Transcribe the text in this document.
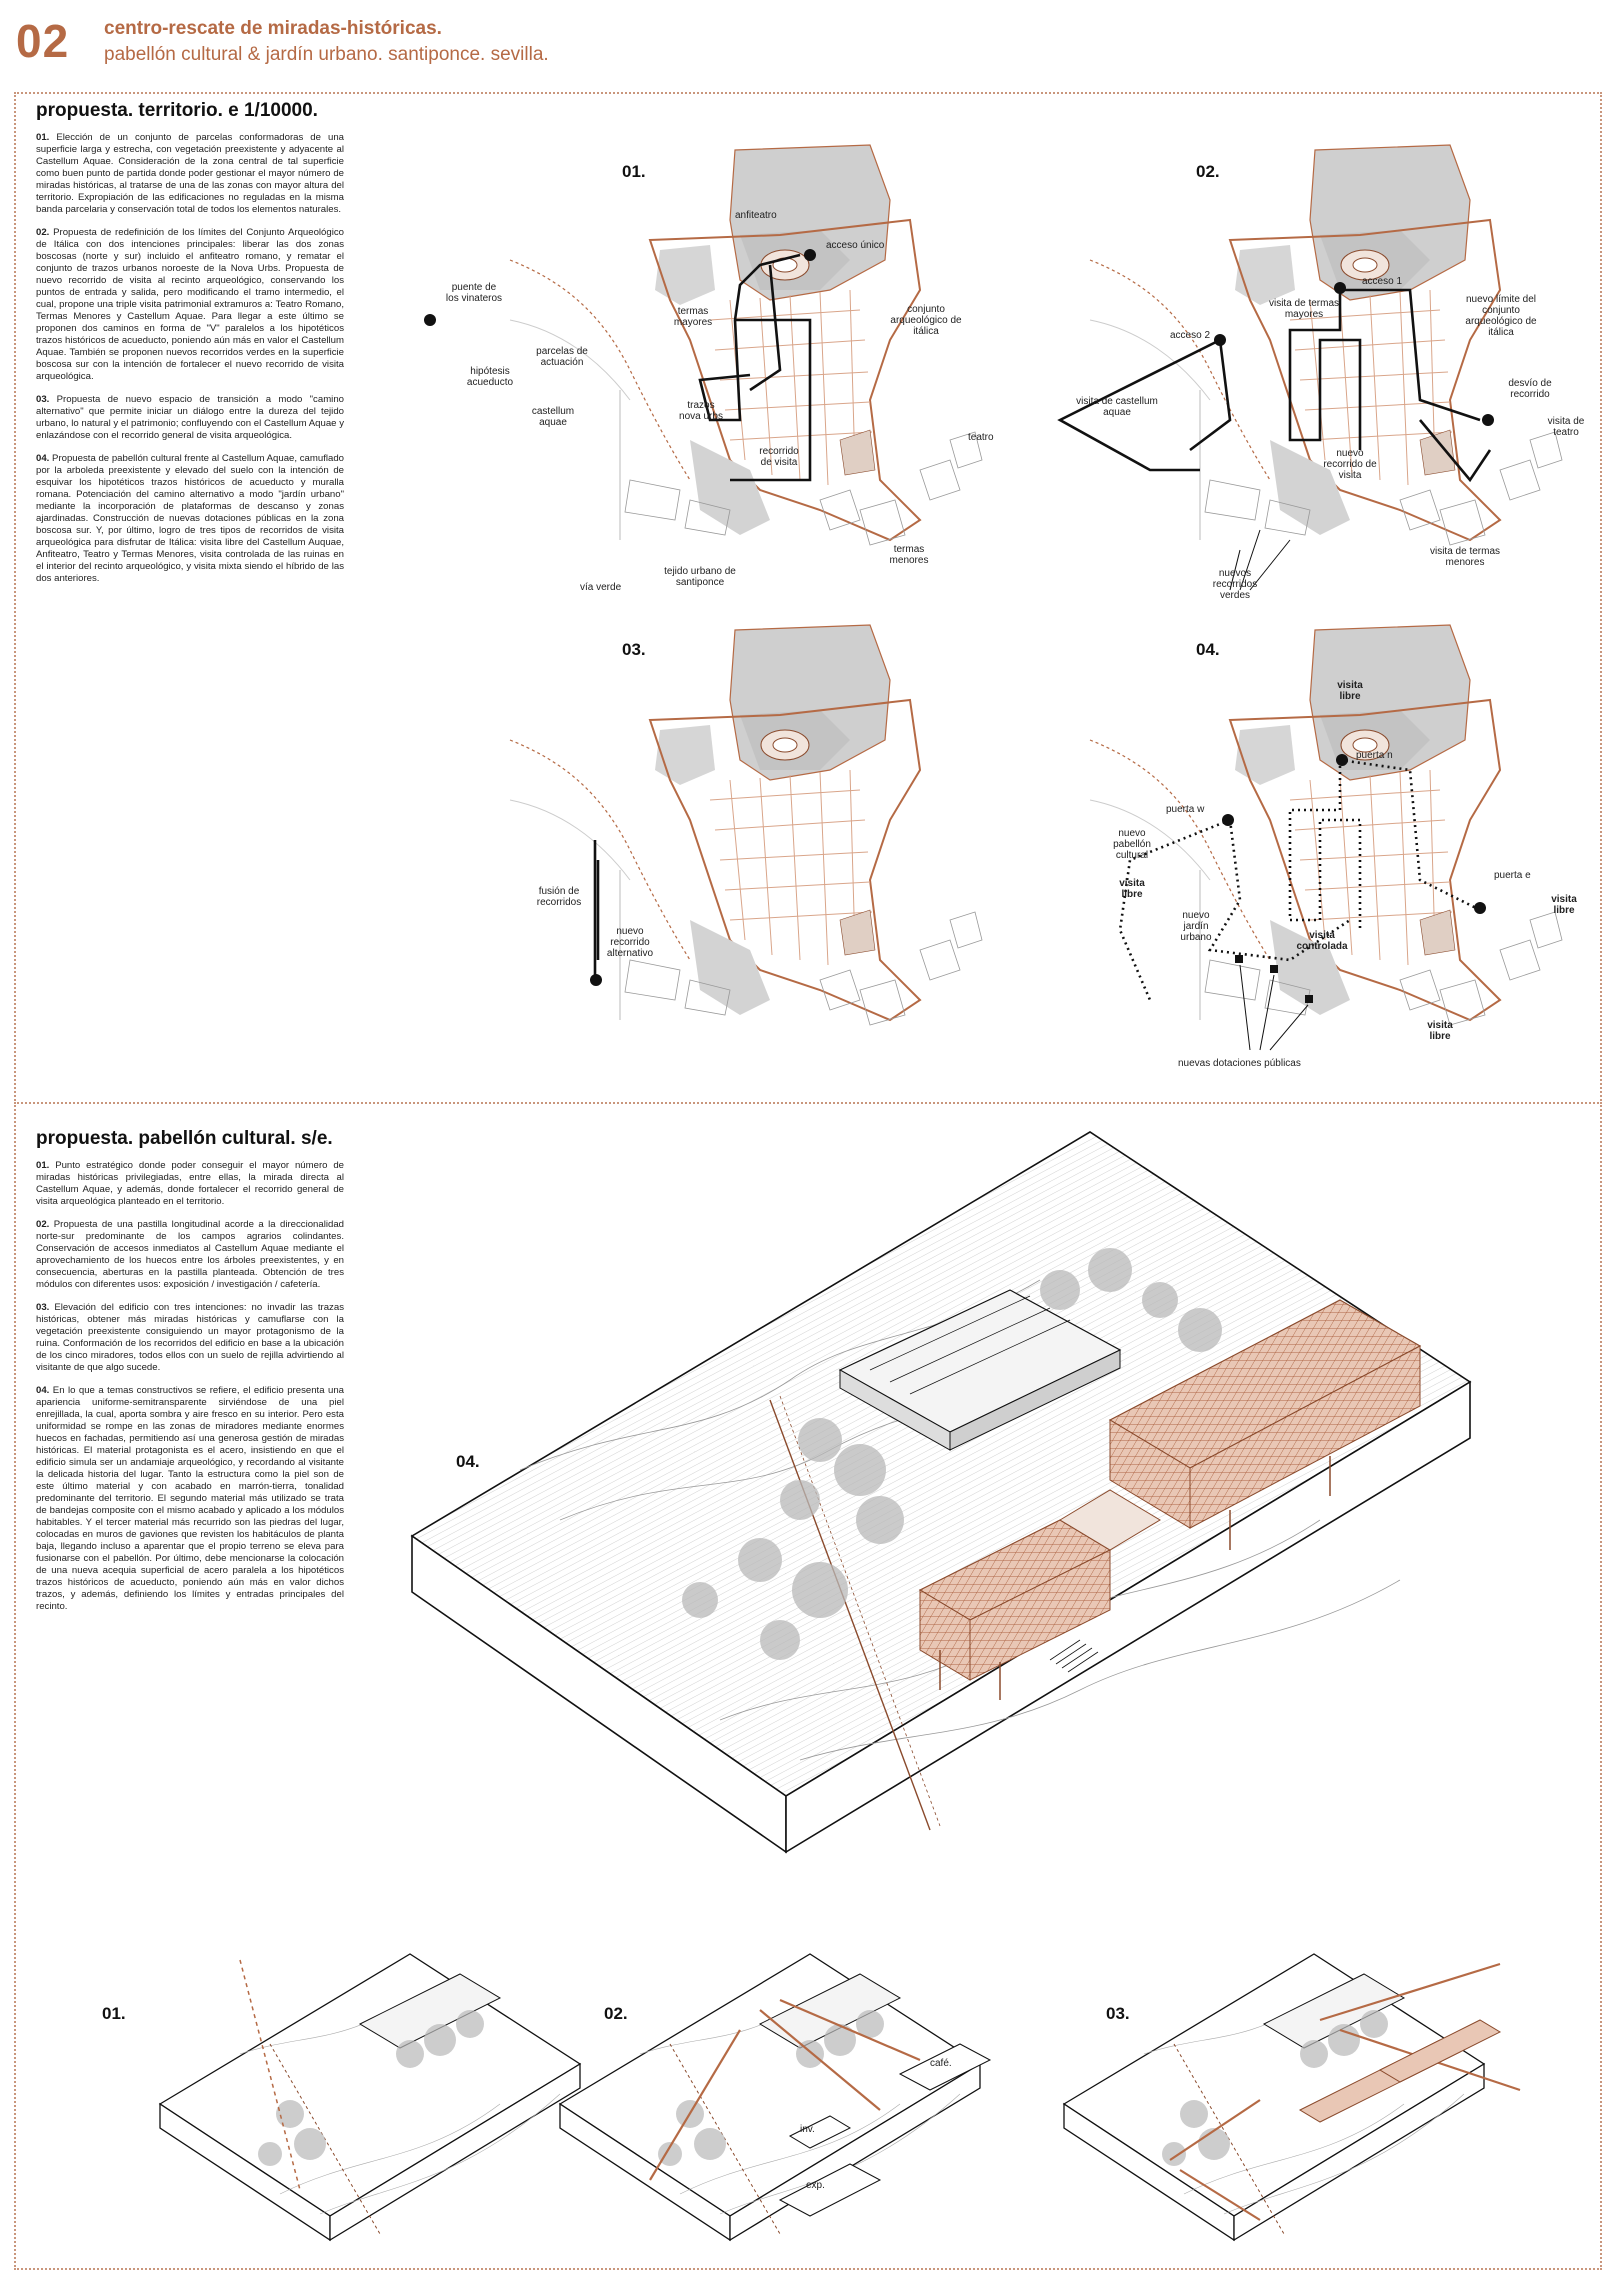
02 centro-rescate de miradas-históricas.
pabellón cultural & jardín urbano. santiponce. sevilla.
propuesta. territorio. e 1/10000.

01. Elección de un conjunto de parcelas conformadoras de una superficie larga y estrecha, con vegetación preexistente y adyacente al Castellum Aquae. Consideración de la zona central de tal superficie como buen punto de partida donde poder gestionar el mayor número de miradas históricas, al tratarse de una de las zonas con mayor altura del territorio. Expropiación de las edificaciones no reguladas en la misma banda parcelaria y conservación total de todos los elementos naturales.

02. Propuesta de redefinición de los límites del Conjunto Arqueológico de Itálica con dos intenciones principales: liberar las dos zonas boscosas (norte y sur) incluido el anfiteatro romano, y rematar el conjunto de trazos urbanos noroeste de la Nova Urbs. Propuesta de nuevo recorrido de visita al recinto arqueológico, conservando los puntos de entrada y salida, pero modificando el tramo intermedio, el cual, propone una triple visita patrimonial extramuros a: Teatro Romano, Termas Menores y Castellum Aquae. Para llegar a este último se proponen dos caminos en forma de "V" paralelos a los hipotéticos trazos históricos de acueducto, poniendo aún más en valor el Castellum Aquae. También se proponen nuevos recorridos verdes en la superficie boscosa sur con la intención de fortalecer el nuevo recorrido de visita arqueológica.

03. Propuesta de nuevo espacio de transición a modo "camino alternativo" que permite iniciar un diálogo entre la dureza del tejido urbano, lo natural y el patrimonio; confluyendo con el Castellum Aquae y enlazándose con el recorrido general de visita arqueológica.

04. Propuesta de pabellón cultural frente al Castellum Aquae, camuflado por la arboleda preexistente y elevado del suelo con la intención de esquivar los hipotéticos trazos históricos de acueducto y muralla romana. Potenciación del camino alternativo a modo "jardín urbano" mediante la incorporación de plataformas de descanso y zonas ajardinadas. Construcción de nuevas dotaciones públicas en la zona boscosa sur. Y, por último, logro de tres tipos de recorridos de visita arqueológica para disfrutar de Itálica: visita libre del Castellum Auquae, Anfiteatro, Teatro y Termas Menores, visita controlada de las ruinas en el interior del recinto arqueológico, y visita mixta siendo el híbrido de las dos anteriores.

01.
anfiteatro
acceso único
puente de los vinateros
termas mayores
conjunto arqueológico de itálica
parcelas de actuación
hipótesis acueducto
castellum aquae
trazos nova urbs
recorrido de visita
teatro
termas menores
vía verde
tejido urbano de santiponce
02.
acceso 1
visita de termas mayores
nuevo límite del conjunto arqueológico de itálica
acceso 2
visita de castellum aquae
desvío de recorrido
visita de teatro
nuevo recorrido de visita
visita de termas menores
nuevos recorridos verdes
03.
fusión de recorridos
nuevo recorrido alternativo
04.
visita libre
puerta n
puerta w
nuevo pabellón cultural
visita libre
nuevo jardín urbano
puerta e
visita libre
visita controlada
visita libre
nuevas dotaciones públicas
propuesta. pabellón cultural. s/e.

01. Punto estratégico donde poder conseguir el mayor número de miradas históricas privilegiadas, entre ellas, la mirada directa al Castellum Aquae, y además, donde fortalecer el recorrido general de visita arqueológica planteado en el territorio.

02. Propuesta de una pastilla longitudinal acorde a la direccionalidad norte-sur predominante de los campos agrarios colindantes. Conservación de accesos inmediatos al Castellum Aquae mediante el aprovechamiento de los huecos entre los árboles preexistentes, y en consecuencia, aberturas en la pastilla planteada. Obtención de tres módulos con diferentes usos: exposición / investigación / cafetería.

03. Elevación del edificio con tres intenciones: no invadir las trazas históricas, obtener más miradas históricas y camuflarse con la vegetación preexistente consiguiendo un mayor protagonismo de la ruina. Conformación de los recorridos del edificio en base a la ubicación de los cinco miradores, todos ellos con un suelo de rejilla advirtiendo al visitante de que algo sucede.

04. En lo que a temas constructivos se refiere, el edificio presenta una apariencia uniforme-semitransparente sirviéndose de una piel enrejillada, la cual, aporta sombra y aire fresco en su interior. Pero esta uniformidad se rompe en las zonas de miradores mediante enormes huecos en fachadas, permitiendo así una generosa gestión de miradas históricas. El material protagonista es el acero, insistiendo en que el edificio simula ser un andamiaje arqueológico, y recordando al visitante la delicada historia del lugar. Tanto la estructura como la piel son de este último material y con acabado en marrón-tierra, tonalidad predominante del territorio. El segundo material más utilizado se trata de bandejas composite con el mismo acabado y aplicado a los módulos habitables. Y el tercer material más recurrido son las piedras del lugar, colocadas en muros de gaviones que revisten los habitáculos de planta baja, llegando incluso a aparentar que el propio terreno se eleva para fusionarse con el pabellón. Por último, debe mencionarse la colocación de una nueva acequia superficial de acero paralela a los hipotéticos trazos históricos de acueducto, poniendo aún más en valor dichos trazos, y además, definiendo los límites y entradas principales del recinto.

04.
01.	02.	03.
inv.
café.
exp.
